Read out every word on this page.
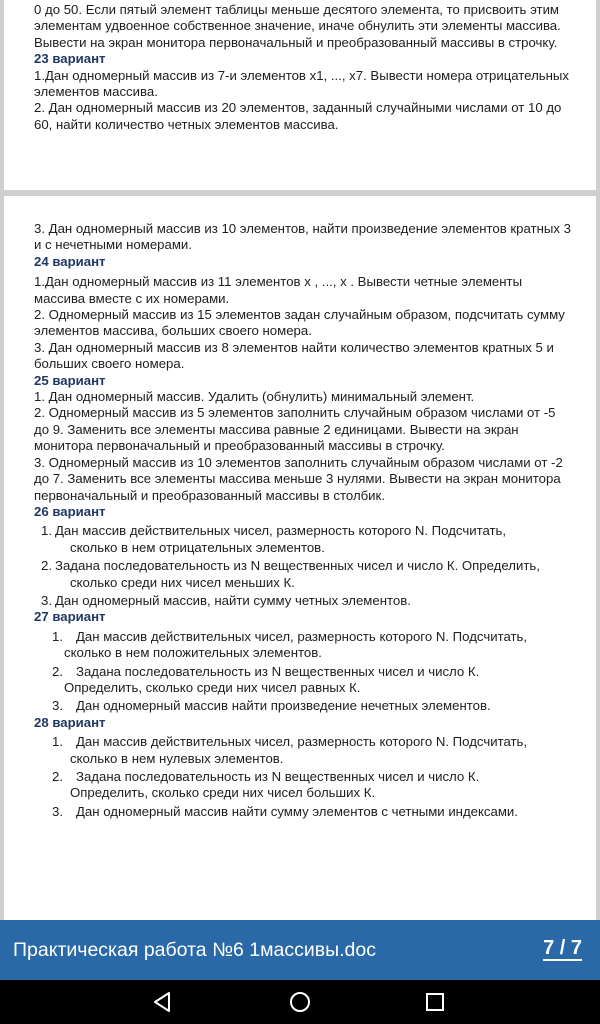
0 до 50. Если пятый элемент таблицы меньше десятого элемента, то присвоить этим элементам удвоенное собственное значение, иначе обнулить эти элементы массива. Вывести на экран монитора первоначальный и преобразованный массивы в строчку.

23 вариант

1.Дан одномерный массив из 7-и элементов х1, ..., х7. Вывести номера отрицательных элементов массива.

2. Дан одномерный массив из 20 элементов, заданный случайными числами от 10 до 60, найти количество четных элементов массива.

3. Дан одномерный массив из 10 элементов, найти произведение элементов кратных 3 и с нечетными номерами.

24 вариант

1.Дан одномерный массив из 11 элементов х , ..., х . Вывести четные элементы массива вместе с их номерами.

2. Одномерный массив из 15 элементов задан случайным образом, подсчитать сумму элементов массива, больших своего номера.

3. Дан одномерный массив из 8 элементов найти количество элементов кратных 5 и больших своего номера.

25 вариант

1. Дан одномерный массив. Удалить (обнулить) минимальный элемент.

2. Одномерный массив из 5 элементов заполнить случайным образом числами от -5 до 9. Заменить все элементы массива равные 2 единицами. Вывести на экран монитора первоначальный и преобразованный массивы в строчку.

3. Одномерный массив из 10 элементов заполнить случайным образом числами от -2 до 7. Заменить все элементы массива меньше 3 нулями. Вывести на экран монитора первоначальный и преобразованный массивы в столбик.

26 вариант

1. Дан массив действительных чисел, размерность которого N. Подсчитать,
сколько в нем отрицательных элементов.
2. Задана последовательность из N вещественных чисел и число К. Определить,
сколько среди них чисел меньших К.
3. Дан одномерный массив, найти сумму четных элементов.

27 вариант

1. Дан массив действительных чисел, размерность которого N. Подсчитать,
сколько в нем положительных элементов.
2. Задана последовательность из N вещественных чисел и число К.
Определить, сколько среди них чисел равных К.
3. Дан одномерный массив найти произведение нечетных элементов.

28 вариант

1. Дан массив действительных чисел, размерность которого N. Подсчитать,
сколько в нем нулевых элементов.
2. Задана последовательность из N вещественных чисел и число К.
Определить, сколько среди них чисел больших К.
3. Дан одномерный массив найти сумму элементов с четными индексами.
Практическая работа №6 1массивы.doc	7 / 7
